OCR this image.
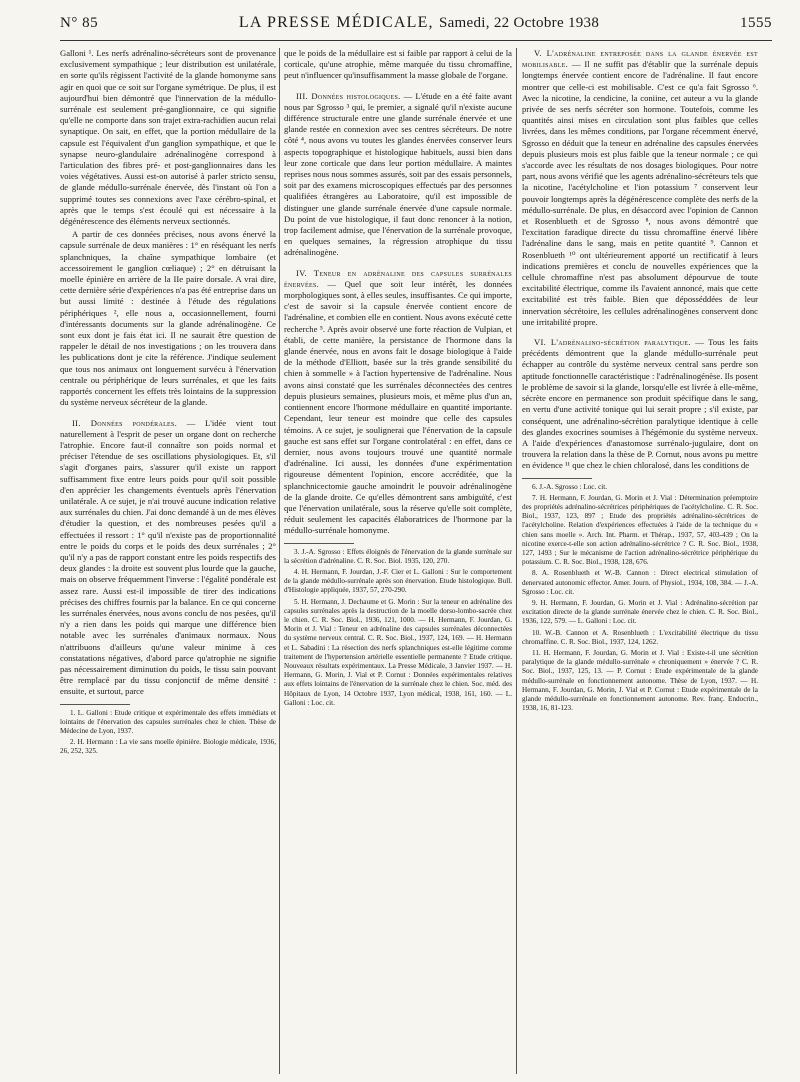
N° 85	LA PRESSE MÉDICALE, Samedi, 22 Octobre 1938	1555

Galloni ¹. Les nerfs adrénalino-sécréteurs sont de provenance exclusivement sympathique ; leur distribution est unilatérale, en sorte qu'ils régissent l'activité de la glande homonyme sans agir en quoi que ce soit sur l'organe symétrique. De plus, il est aujourd'hui bien démontré que l'innervation de la médullo-surrénale est seulement pré-ganglionnaire, ce qui signifie qu'elle ne comporte dans son trajet extra-rachidien aucun relai synaptique. On sait, en effet, que la portion médullaire de la capsule est l'équivalent d'un ganglion sympathique, et que le synapse neuro-glandulaire adrénalinogène correspond à l'articulation des fibres pré- et post-ganglionnaires dans les voies végétatives. Aussi est-on autorisé à parler stricto sensu, de glande médullo-surrénale énervée, dès l'instant où l'on a supprimé toutes ses connexions avec l'axe cérébro-spinal, et après que le temps s'est écoulé qui est nécessaire à la dégénérescence des éléments nerveux sectionnés.

A partir de ces données précises, nous avons énervé la capsule surrénale de deux manières : 1° en réséquant les nerfs splanchniques, la chaîne sympathique lombaire (et accessoirement le ganglion cœliaque) ; 2° en détruisant la moelle épinière en arrière de la IIe paire dorsale. A vrai dire, cette dernière série d'expériences n'a pas été entreprise dans un but aussi limité : destinée à l'étude des régulations périphériques ², elle nous a, occasionnellement, fourni d'intéressants documents sur la glande adrénalinogène. Ce sont eux dont je fais état ici. Il ne saurait être question de rappeler le détail de nos investigations ; on les trouvera dans les publications dont je cite la référence. J'indique seulement que tous nos animaux ont longuement survécu à l'énervation centrale ou périphérique de leurs surrénales, et que les faits rapportés concernent les effets très lointains de la suppression du système nerveux sécréteur de la glande.

II. Données pondérales. — L'idée vient tout naturellement à l'esprit de peser un organe dont on recherche l'atrophie. Encore faut-il connaître son poids normal et préciser l'étendue de ses oscillations physiologiques. Et, s'il s'agit d'organes pairs, s'assurer qu'il existe un rapport suffisamment fixe entre leurs poids pour qu'il soit possible d'en apprécier les changements éventuels après l'énervation unilatérale. A ce sujet, je n'ai trouvé aucune indication relative aux surrénales du chien. J'ai donc demandé à un de mes élèves d'étudier la question, et des nombreuses pesées qu'il a effectuées il ressort : 1° qu'il n'existe pas de proportionnalité entre le poids du corps et le poids des deux surrénales ; 2° qu'il n'y a pas de rapport constant entre les poids respectifs des deux glandes : la droite est souvent plus lourde que la gauche, mais on observe fréquemment l'inverse : l'égalité pondérale est assez rare. Aussi est-il impossible de tirer des indications précises des chiffres fournis par la balance. En ce qui concerne les surrénales énervées, nous avons conclu de nos pesées, qu'il n'y a rien dans les poids qui marque une différence bien notable avec les surrénales d'animaux normaux. Nous n'attribuons d'ailleurs qu'une valeur minime à ces constatations négatives, d'abord parce qu'atrophie ne signifie pas nécessairement diminution du poids, le tissu sain pouvant être remplacé par du tissu conjonctif de même densité : ensuite, et surtout, parce

1. L. Galloni : Etude critique et expérimentale des effets immédiats et lointains de l'énervation des capsules surrénales chez le chien. Thèse de Médecine de Lyon, 1937.

2. H. Hermann : La vie sans moelle épinière. Biologie médicale, 1936, 26, 252, 325.

que le poids de la médullaire est si faible par rapport à celui de la corticale, qu'une atrophie, même marquée du tissu chromaffine, peut n'influencer qu'insuffisamment la masse globale de l'organe.

III. Données histologiques. — L'étude en a été faite avant nous par Sgrosso ³ qui, le premier, a signalé qu'il n'existe aucune différence structurale entre une glande surrénale énervée et une glande restée en connexion avec ses centres sécréteurs. De notre côté ⁴, nous avons vu toutes les glandes énervées conserver leurs aspects topographique et histologique habituels, aussi bien dans leur zone corticale que dans leur portion médullaire. A maintes reprises nous nous sommes assurés, soit par des essais personnels, soit par des examens microscopiques effectués par des personnes qualifiées étrangères au Laboratoire, qu'il est impossible de distinguer une glande surrénale énervée d'une capsule normale. Du point de vue histologique, il faut donc renoncer à la notion, trop facilement admise, que l'énervation de la surrénale provoque, en quelques semaines, la régression atrophique du tissu adrénalinogène.

IV. Teneur en adrénaline des capsules surrénales énervées. — Quel que soit leur intérêt, les données morphologiques sont, à elles seules, insuffisantes. Ce qui importe, c'est de savoir si la capsule énervée contient encore de l'adrénaline, et combien elle en contient. Nous avons exécuté cette recherche ⁵. Après avoir observé une forte réaction de Vulpian, et établi, de cette manière, la persistance de l'hormone dans la glande énervée, nous en avons fait le dosage biologique à l'aide de la méthode d'Elliott, basée sur la très grande sensibilité du chien à sommelle » à l'action hypertensive de l'adrénaline. Nous avons ainsi constaté que les surrénales déconnectées des centres depuis plusieurs semaines, plusieurs mois, et même plus d'un an, contiennent encore l'hormone médullaire en quantité importante. Cependant, leur teneur est moindre que celle des capsules témoins. A ce sujet, je soulignerai que l'énervation de la capsule gauche est sans effet sur l'organe controlatéral : en effet, dans ce dernier, nous avons toujours trouvé une quantité normale d'adrénaline. Ici aussi, les données d'une expérimentation rigoureuse démentent l'opinion, encore accréditée, que la splanchnicectomie gauche amoindrit le pouvoir adrénalinogène de la glande droite. Ce qu'elles démontrent sans ambiguïté, c'est que l'énervation unilatérale, sous la réserve qu'elle soit complète, réduit seulement les capacités élaboratrices de l'hormone par la médullo-surrénale homonyme.

3. J.-A. Sgrosso : Effets éloignés de l'énervation de la glande surrénale sur la sécrétion d'adrénaline. C. R. Soc. Biol. 1935, 120, 270.

4. H. Hermann, F. Jourdan, J.-F. Cier et L. Galloni : Sur le comportement de la glande médullo-surrénale après son énervation. Etude histologique. Bull. d'Histologie appliquée, 1937, 57, 270-290.

5. H. Hermann, J. Dechaume et G. Morin : Sur la teneur en adrénaline des capsules surrénales après la destruction de la moelle dorso-lombo-sacrée chez le chien. C. R. Soc. Biol., 1936, 121, 1000. — H. Hermann, F. Jourdan, G. Morin et J. Vial : Teneur en adrénaline des capsules surrénales déconnectées du système nerveux central. C. R. Soc. Biol., 1937, 124, 169. — H. Hermann et L. Sabadini : La résection des nerfs splanchniques est-elle légitime comme traitement de l'hypertension artérielle essentielle permanente ? Etude critique. Nouveaux résultats expérimentaux. La Presse Médicale, 3 Janvier 1937. — H. Hermann, G. Morin, J. Vial et P. Cornut : Données expérimentales relatives aux effets lointains de l'énervation de la surrénale chez le chien. Soc. méd. des Hôpitaux de Lyon, 14 Octobre 1937, Lyon médical, 1938, 161, 160. — L. Galloni : Loc. cit.

V. L'adrénaline entreposée dans la glande énervée est mobilisable. — Il ne suffit pas d'établir que la surrénale depuis longtemps énervée contient encore de l'adrénaline. Il faut encore montrer que celle-ci est mobilisable. C'est ce qu'a fait Sgrosso ⁶. Avec la nicotine, la cendicine, la coniine, cet auteur a vu la glande privée de ses nerfs sécréter son hormone. Toutefois, comme les quantités ainsi mises en circulation sont plus faibles que celles livrées, dans les mêmes conditions, par l'organe récemment énervé, Sgrosso en déduit que la teneur en adrénaline des capsules énervées depuis plusieurs mois est plus faible que la teneur normale ; ce qui s'accorde avec les résultats de nos dosages biologiques. Pour notre part, nous avons vérifié que les agents adrénalino-sécréteurs tels que la nicotine, l'acétylcholine et l'ion potassium ⁷ conservent leur pouvoir longtemps après la dégénérescence complète des nerfs de la médullo-surrénale. De plus, en désaccord avec l'opinion de Cannon et Rosenblueth et de Sgrosso ⁸, nous avons démontré que l'excitation faradique directe du tissu chromaffine énervé libère l'adrénaline dans le sang, mais en petite quantité ⁹. Cannon et Rosenblueth ¹⁰ ont ultérieurement apporté un rectificatif à leurs indications premières et conclu de nouvelles expériences que la cellule chromaffine n'est pas absolument dépourvue de toute excitabilité électrique, comme ils l'avaient annoncé, mais que cette excitabilité est très faible. Bien que déposséddées de leur innervation sécrétoire, les cellules adrénalinogènes conservent donc une irritabilité propre.

VI. L'adrénalino-sécrétion paralytique. — Tous les faits précédents démontrent que la glande médullo-surrénale peut échapper au contrôle du système nerveux central sans perdre son aptitude fonctionnelle caractéristique : l'adrénalinogénèse. Ils posent le problème de savoir si la glande, lorsqu'elle est livrée à elle-même, sécrète encore en permanence son produit spécifique dans le sang, en vertu d'une activité tonique qui lui serait propre ; s'il existe, par conséquent, une adrénalino-sécrétion paralytique identique à celle des glandes exocrines soumises à l'hégémonie du système nerveux. A l'aide d'expériences d'anastomose surrénalo-jugulaire, dont on trouvera la relation dans la thèse de P. Cornut, nous avons pu mettre en évidence ¹¹ que chez le chien chloralosé, dans les conditions de

6. J.-A. Sgrosso : Loc. cit.

7. H. Hermann, F. Jourdan, G. Morin et J. Vial : Détermination préemptoire des propriétés adrénalino-sécrétrices périphériques de l'acétylcholine. C. R. Soc. Biol., 1937, 123, 897 ; Etude des propriétés adrénalino-sécrétrices de l'acétylcholine. Relation d'expériences effectuées à l'aide de la technique du « chien sans moelle ». Arch. Int. Pharm. et Thérap., 1937, 57, 403-439 ; On la nicotine exerce-t-elle son action adrénalino-sécrétrice ? C. R. Soc. Biol., 1938, 127, 1493 ; Sur le mécanisme de l'action adrénalino-sécrétrice périphérique du potassium. C. R. Soc. Biol., 1938, 128, 676.

8. A. Rosenblueth et W.-B. Cannon : Direct electrical stimulation of denervated autonomic effector. Amer. Journ. of Physiol., 1934, 108, 384. — J.-A. Sgrosso : Loc. cit.

9. H. Hermann, F. Jourdan, G. Morin et J. Vial : Adrénalino-sécrétion par excitation directe de la glande surrénale énervée chez le chien. C. R. Soc. Biol., 1936, 122, 579. — L. Galloni : Loc. cit.

10. W.-B. Cannon et A. Rosenblueth : L'excitabilité électrique du tissu chromaffine. C. R. Soc. Biol., 1937, 124, 1262.

11. H. Hermann, F. Jourdan, G. Morin et J. Vial : Existe-t-il une sécrétion paralytique de la glande médullo-surrénale « chroniquement » énervée ? C. R. Soc. Biol., 1937, 125, 13. — P. Cornut : Etude expérimentale de la glande médullo-surrénale en fonctionnement autonome. Thèse de Lyon, 1937. — H. Hermann, F. Jourdan, G. Morin, J. Vial et P. Cornut : Etude expérimentale de la glande médullo-surrénale en fonctionnement autonome. Rev. franç. Endocrin., 1938, 16, 81-123.
